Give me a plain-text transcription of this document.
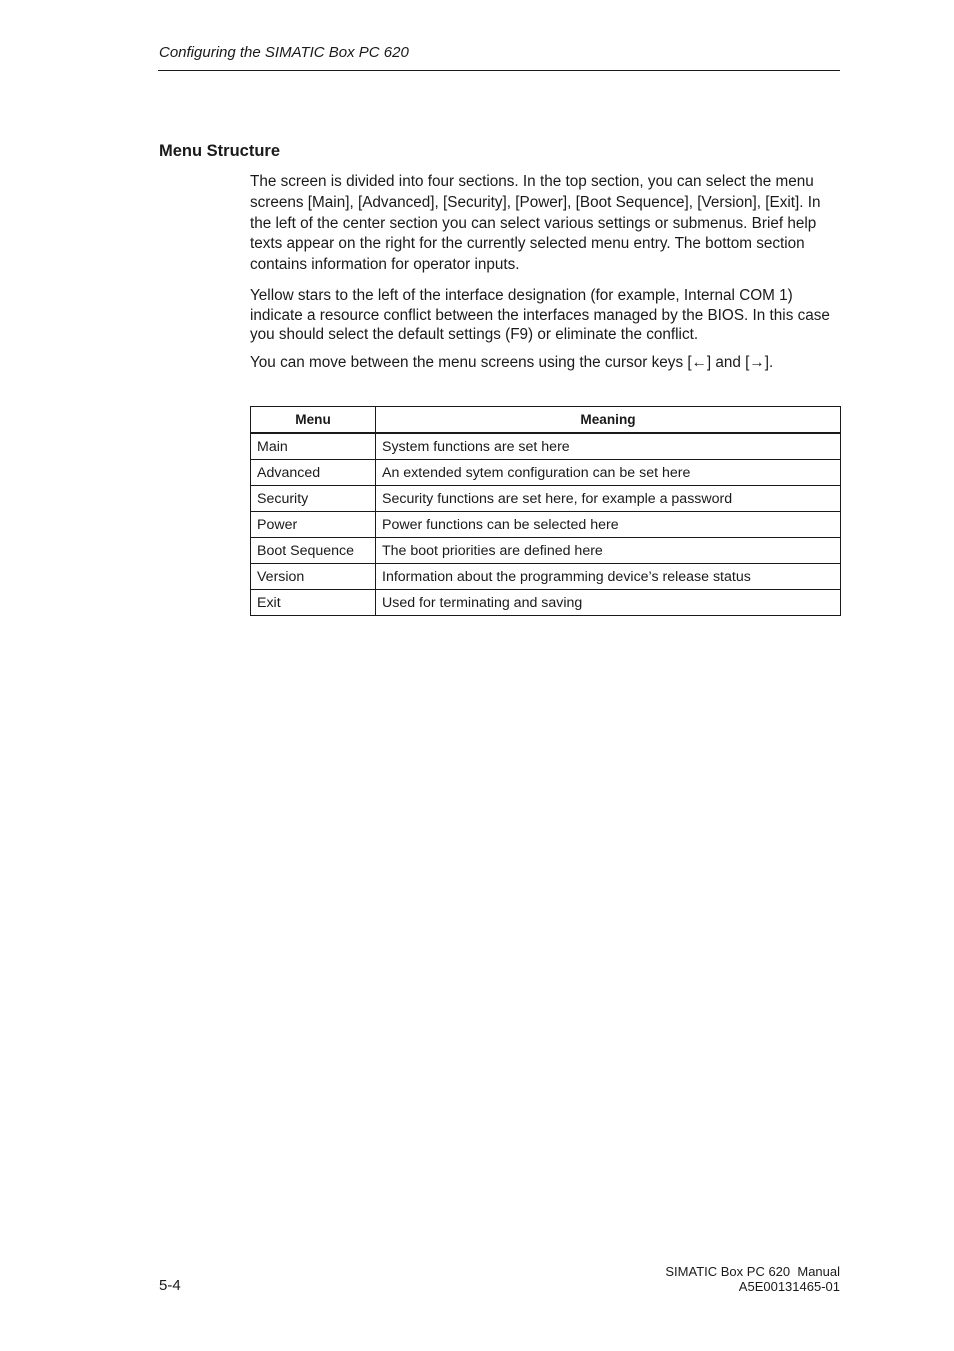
Configuring the SIMATIC Box PC 620
Menu Structure

The screen is divided into four sections. In the top section, you can select the menu screens [Main], [Advanced], [Security], [Power], [Boot Sequence], [Version], [Exit]. In the left of the center section you can select various settings or submenus. Brief help texts appear on the right for the currently selected menu entry. The bottom section contains information for operator inputs.

Yellow stars to the left of the interface designation (for example, Internal COM 1) indicate a resource conflict between the interfaces managed by the BIOS. In this case you should select the default settings (F9) or eliminate the conflict.

You can move between the menu screens using the cursor keys [←] and [→].

Menu	Meaning
Main	System functions are set here
Advanced	An extended sytem configuration can be set here
Security	Security functions are set here, for example a password
Power	Power functions can be selected here
Boot Sequence	The boot priorities are defined here
Version	Information about the programming device’s release status
Exit	Used for terminating and saving
5-4
SIMATIC Box PC 620  Manual
A5E00131465-01
